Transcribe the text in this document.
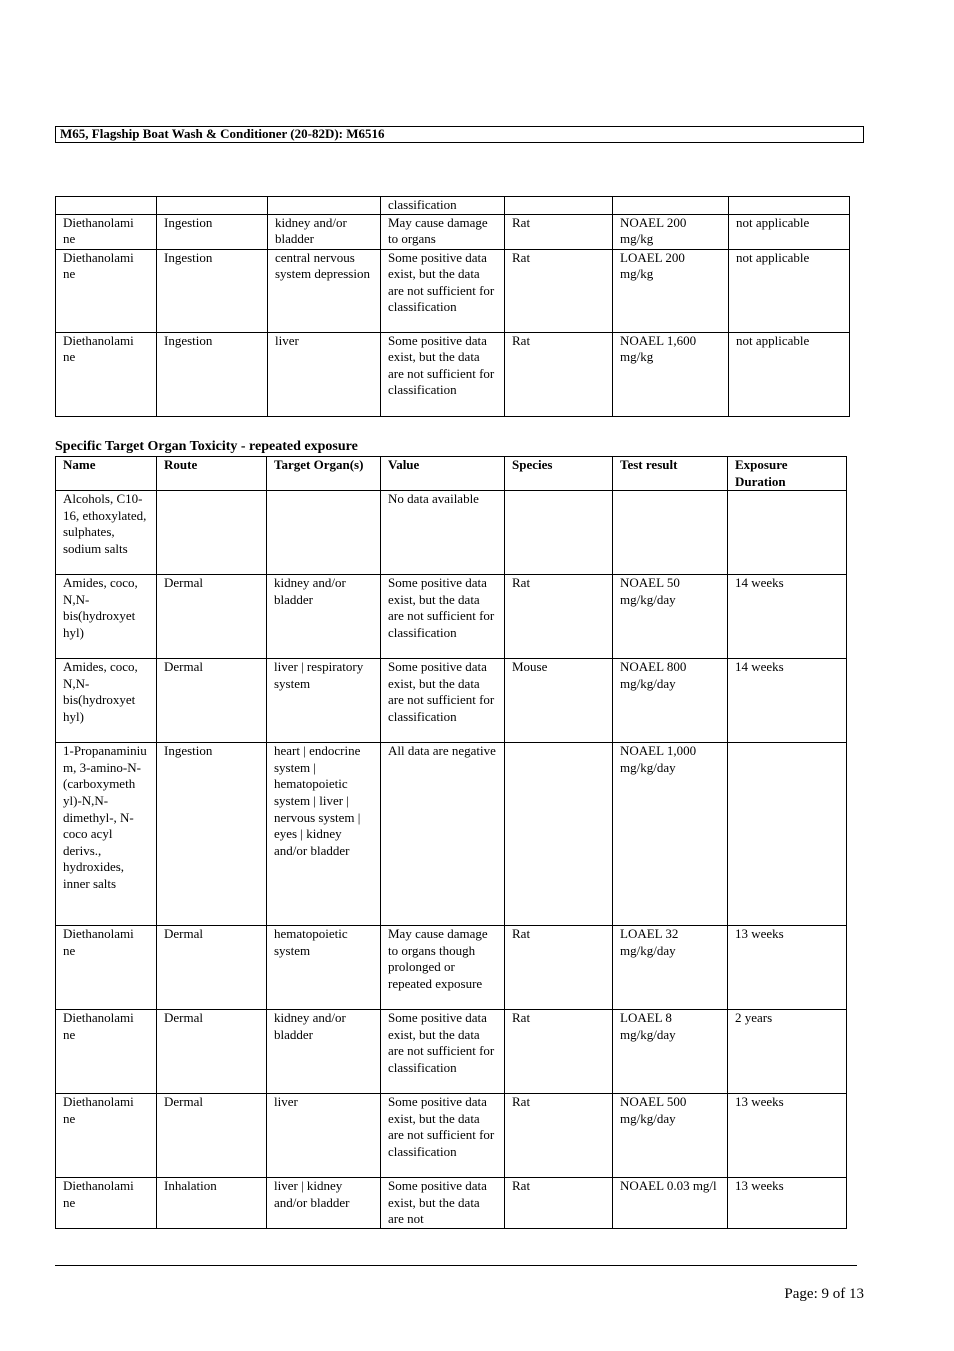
M65, Flagship Boat Wash & Conditioner (20-82D): M6516
			classification			
Diethanolami ne	Ingestion	kidney and/or bladder	May cause damage to organs	Rat	NOAEL 200 mg/kg	not applicable
Diethanolami ne	Ingestion	central nervous system depression	Some positive data exist, but the data are not sufficient for classification	Rat	LOAEL 200 mg/kg	not applicable
Diethanolami ne	Ingestion	liver	Some positive data exist, but the data are not sufficient for classification	Rat	NOAEL 1,600 mg/kg	not applicable
Specific Target Organ Toxicity - repeated exposure
Name	Route	Target Organ(s)	Value	Species	Test result	Exposure Duration
Alcohols, C10-16, ethoxylated, sulphates, sodium salts			No data available			
Amides, coco, N,N-bis(hydroxyet hyl)	Dermal	kidney and/or bladder	Some positive data exist, but the data are not sufficient for classification	Rat	NOAEL 50 mg/kg/day	14 weeks
Amides, coco, N,N-bis(hydroxyet hyl)	Dermal	liver | respiratory system	Some positive data exist, but the data are not sufficient for classification	Mouse	NOAEL 800 mg/kg/day	14 weeks
1-Propanaminiu m, 3-amino-N-(carboxymeth yl)-N,N-dimethyl-, N-coco acyl derivs., hydroxides, inner salts	Ingestion	heart | endocrine system | hematopoietic system | liver | nervous system | eyes | kidney and/or bladder	All data are negative		NOAEL 1,000 mg/kg/day	
Diethanolami ne	Dermal	hematopoietic system	May cause damage to organs though prolonged or repeated exposure	Rat	LOAEL 32 mg/kg/day	13 weeks
Diethanolami ne	Dermal	kidney and/or bladder	Some positive data exist, but the data are not sufficient for classification	Rat	LOAEL 8 mg/kg/day	2 years
Diethanolami ne	Dermal	liver	Some positive data exist, but the data are not sufficient for classification	Rat	NOAEL 500 mg/kg/day	13 weeks
Diethanolami ne	Inhalation	liver | kidney and/or bladder	Some positive data exist, but the data are not	Rat	NOAEL 0.03 mg/l	13 weeks
Page: 9 of 13
